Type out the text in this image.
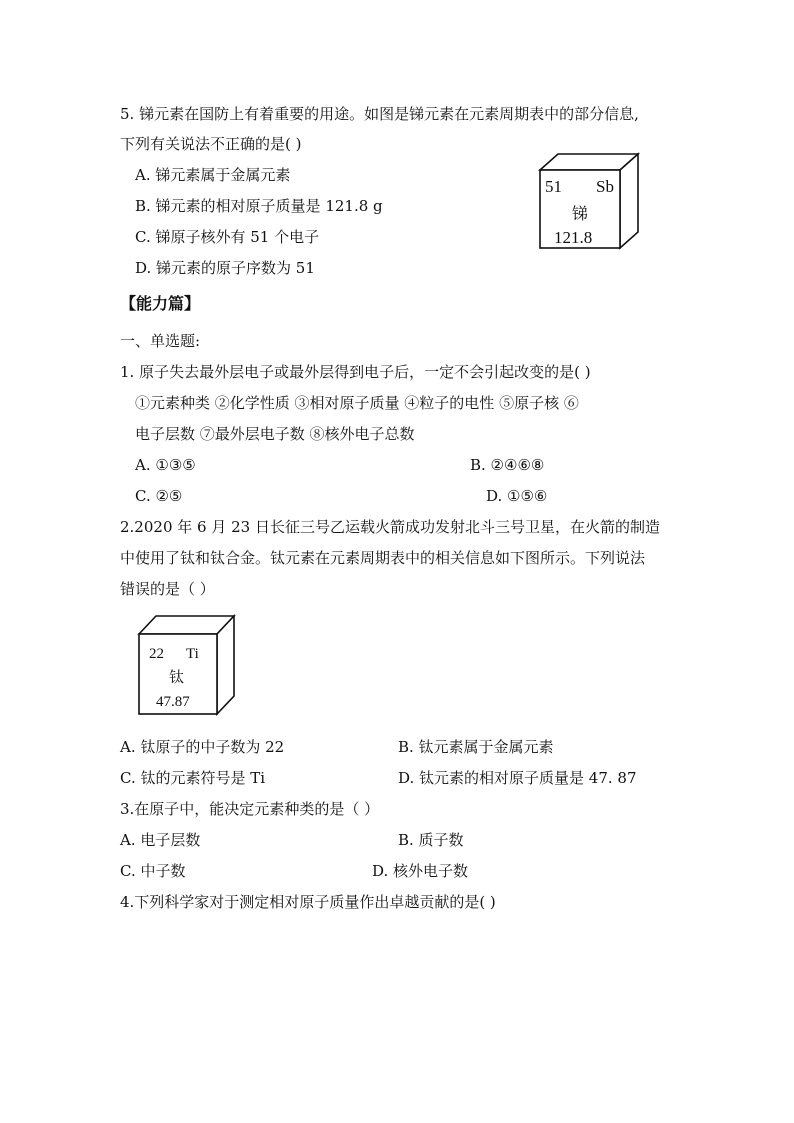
5. 锑元素在国防上有着重要的用途。如图是锑元素在元素周期表中的部分信息,
下列有关说法不正确的是( )
A. 锑元素属于金属元素
B. 锑元素的相对原子质量是 121.8 g
C. 锑原子核外有 51 个电子
D. 锑元素的原子序数为 51
51 Sb
锑
121.8
【能力篇】
一、单选题:
1. 原子失去最外层电子或最外层得到电子后，一定不会引起改变的是( )
①元素种类 ②化学性质 ③相对原子质量 ④粒子的电性 ⑤原子核 ⑥
电子层数 ⑦最外层电子数 ⑧核外电子总数
A. ①③⑤	B. ②④⑥⑧
C. ②⑤	D. ①⑤⑥
2.2020 年 6 月 23 日长征三号乙运载火箭成功发射北斗三号卫星，在火箭的制造
中使用了钛和钛合金。钛元素在元素周期表中的相关信息如下图所示。下列说法
错误的是（ ）
22 Ti
钛
47.87
A. 钛原子的中子数为 22	B. 钛元素属于金属元素
C. 钛的元素符号是 Ti	D. 钛元素的相对原子质量是 47. 87
3.在原子中，能决定元素种类的是（ ）
A. 电子层数	B. 质子数
C. 中子数	D. 核外电子数
4.下列科学家对于测定相对原子质量作出卓越贡献的是( )
